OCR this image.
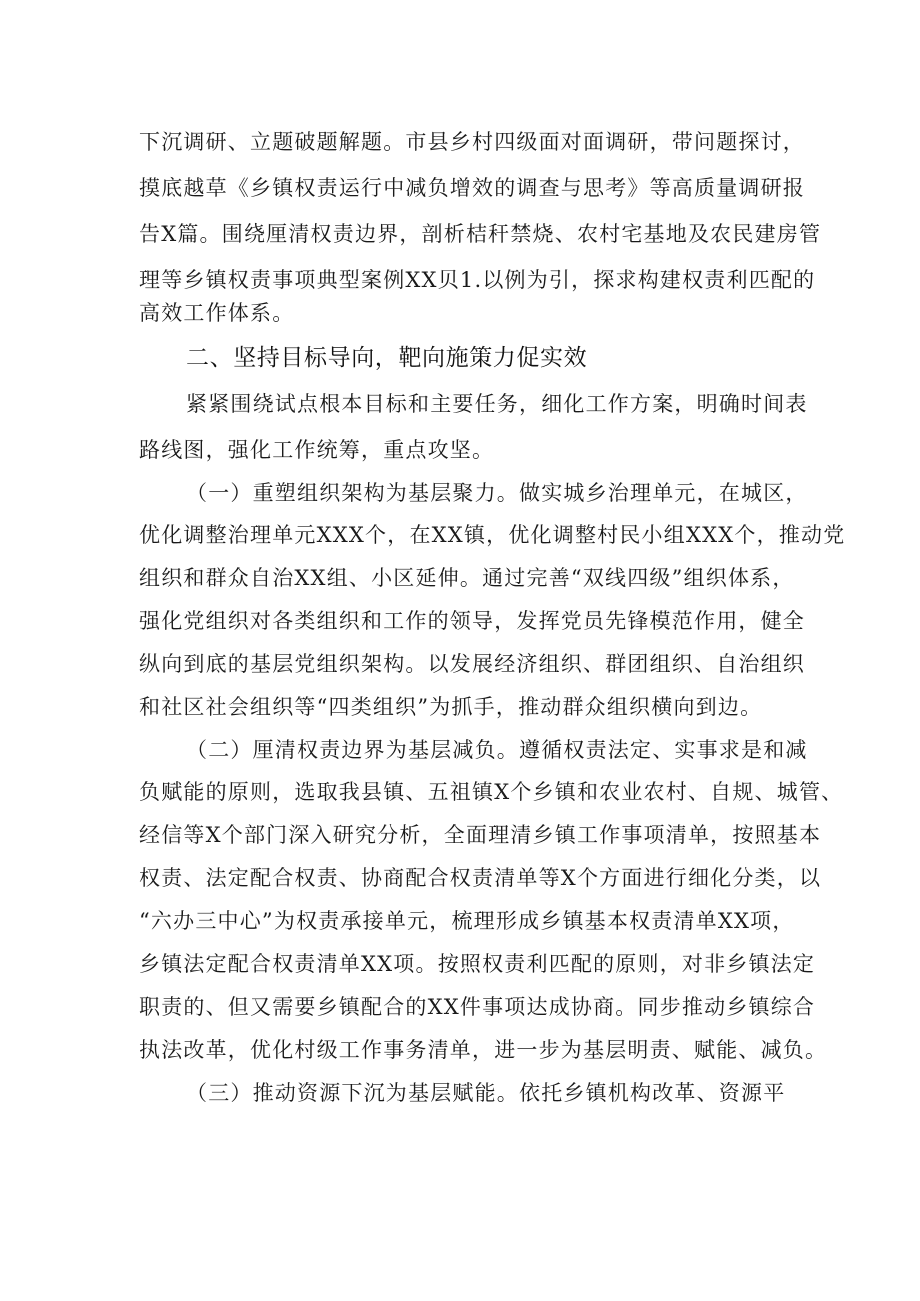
下沉调研、立题破题解题。市县乡村四级面对面调研，带问题探讨，
摸底越草《乡镇权责运行中减负增效的调查与思考》等高质量调研报
告X篇。围绕厘清权责边界，剖析桔秆禁烧、农村宅基地及农民建房管
理等乡镇权责事项典型案例XX贝1.以例为引，探求构建权责利匹配的
高效工作体系。
二、坚持目标导向，靶向施策力促实效
紧紧围绕试点根本目标和主要任务，细化工作方案，明确时间表
路线图，强化工作统筹，重点攻坚。
（一）重塑组织架构为基层聚力。做实城乡治理单元，在城区，
优化调整治理单元XXX个，在XX镇，优化调整村民小组XXX个，推动党
组织和群众自治XX组、小区延伸。通过完善“双线四级”组织体系，
强化党组织对各类组织和工作的领导，发挥党员先锋模范作用，健全
纵向到底的基层党组织架构。以发展经济组织、群团组织、自治组织
和社区社会组织等“四类组织”为抓手，推动群众组织横向到边。
（二）厘清权责边界为基层减负。遵循权责法定、实事求是和减
负赋能的原则，选取我县镇、五祖镇X个乡镇和农业农村、自规、城管、
经信等X个部门深入研究分析，全面理清乡镇工作事项清单，按照基本
权责、法定配合权责、协商配合权责清单等X个方面进行细化分类，以
“六办三中心”为权责承接单元，梳理形成乡镇基本权责清单XX项，
乡镇法定配合权责清单XX项。按照权责利匹配的原则，对非乡镇法定
职责的、但又需要乡镇配合的XX件事项达成协商。同步推动乡镇综合
执法改革，优化村级工作事务清单，进一步为基层明责、赋能、减负。
（三）推动资源下沉为基层赋能。依托乡镇机构改革、资源平
